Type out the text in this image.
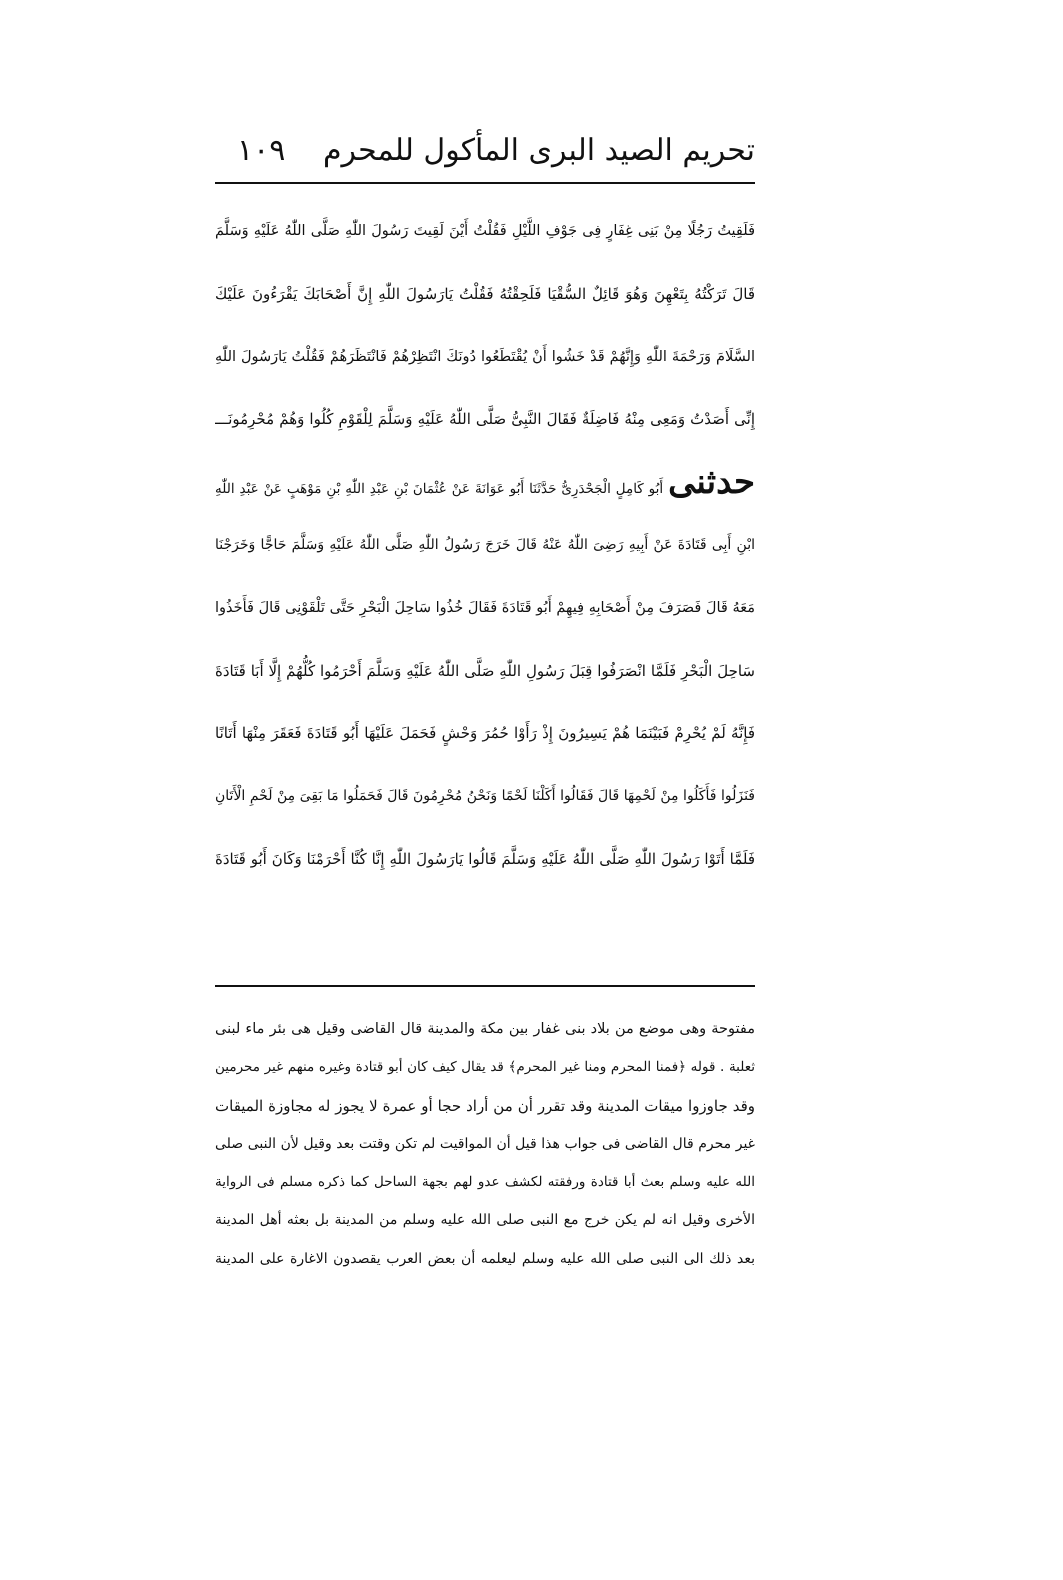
تحريم الصيد البرى المأكول للمحرم
١٠٩
فَلَقِيتُ رَجُلًا مِنْ بَنِى غِفَارٍ فِى جَوْفِ اللَّيْلِ فَقُلْتُ أَيْنَ لَقِيتَ رَسُولَ اللّٰهِ صَلَّى اللّٰهُ عَلَيْهِ وَسَلَّمَ
قَالَ تَرَكْتُهُ بِتَعْهِنَ وَهُوَ قَائِلٌ السُّقْيَا فَلَحِقْتُهُ فَقُلْتُ يَارَسُولَ اللّٰهِ إِنَّ أَصْحَابَكَ يَقْرَءُونَ عَلَيْكَ
السَّلَامَ وَرَحْمَةَ اللّٰهِ وَإِنَّهُمْ قَدْ خَشُوا أَنْ يُقْتَطَعُوا دُونَكَ انْتَظِرْهُمْ فَانْتَظَرَهُمْ فَقُلْتُ يَارَسُولَ اللّٰهِ
إِنِّى أَصَدْتُ وَمَعِى مِنْهُ فَاضِلَةٌ فَقَالَ النَّبِىُّ صَلَّى اللّٰهُ عَلَيْهِ وَسَلَّمَ لِلْقَوْمِ كُلُوا وَهُمْ مُحْرِمُونَـــ
حدثنى أَبُو كَامِلٍ الْجَحْدَرِىُّ حَدَّثَنَا أَبُو عَوَانَةَ عَنْ عُثْمَانَ بْنِ عَبْدِ اللّٰهِ بْنِ مَوْهَبٍ عَنْ عَبْدِ اللّٰهِ
ابْنِ أَبِى قَتَادَةَ عَنْ أَبِيهِ رَضِىَ اللّٰهُ عَنْهُ قَالَ خَرَجَ رَسُولُ اللّٰهِ صَلَّى اللّٰهُ عَلَيْهِ وَسَلَّمَ حَاجًّا وَخَرَجْنَا
مَعَهُ قَالَ فَصَرَفَ مِنْ أَصْحَابِهِ فِيهِمْ أَبُو قَتَادَةَ فَقَالَ خُذُوا سَاحِلَ الْبَحْرِ حَتَّى تَلْقَوْنِى قَالَ فَأَخَذُوا
سَاحِلَ الْبَحْرِ فَلَمَّا انْصَرَفُوا قِبَلَ رَسُولِ اللّٰهِ صَلَّى اللّٰهُ عَلَيْهِ وَسَلَّمَ أَحْرَمُوا كُلُّهُمْ إِلَّا أَبَا قَتَادَةَ
فَإِنَّهُ لَمْ يُحْرِمْ فَبَيْنَمَا هُمْ يَسِيرُونَ إِذْ رَأَوْا حُمُرَ وَحْشٍ فَحَمَلَ عَلَيْهَا أَبُو قَتَادَةَ فَعَقَرَ مِنْهَا أَتَانًا
فَنَزَلُوا فَأَكَلُوا مِنْ لَحْمِهَا قَالَ فَقَالُوا أَكَلْنَا لَحْمًا وَنَحْنُ مُحْرِمُونَ قَالَ فَحَمَلُوا مَا بَقِىَ مِنْ لَحْمِ الْأَتَانِ
فَلَمَّا أَتَوْا رَسُولَ اللّٰهِ صَلَّى اللّٰهُ عَلَيْهِ وَسَلَّمَ قَالُوا يَارَسُولَ اللّٰهِ إِنَّا كُنَّا أَحْرَمْنَا وَكَانَ أَبُو قَتَادَةَ
مفتوحة وهى موضع من بلاد بنى غفار بين مكة والمدينة قال القاضى وقيل هى بئر ماء لبنى
ثعلبة . قوله ﴿فمنا المحرم ومنا غير المحرم﴾ قد يقال كيف كان أبو قتادة وغيره منهم غير محرمين
وقد جاوزوا ميقات المدينة وقد تقرر أن من أراد حجا أو عمرة لا يجوز له مجاوزة الميقات
غير محرم قال القاضى فى جواب هذا قيل أن المواقيت لم تكن وقتت بعد وقيل لأن النبى صلى
الله عليه وسلم بعث أبا قتادة ورفقته لكشف عدو لهم بجهة الساحل كما ذكره مسلم فى الرواية
الأخرى وقيل انه لم يكن خرج مع النبى صلى الله عليه وسلم من المدينة بل بعثه أهل المدينة
بعد ذلك الى النبى صلى الله عليه وسلم ليعلمه أن بعض العرب يقصدون الاغارة على المدينة
